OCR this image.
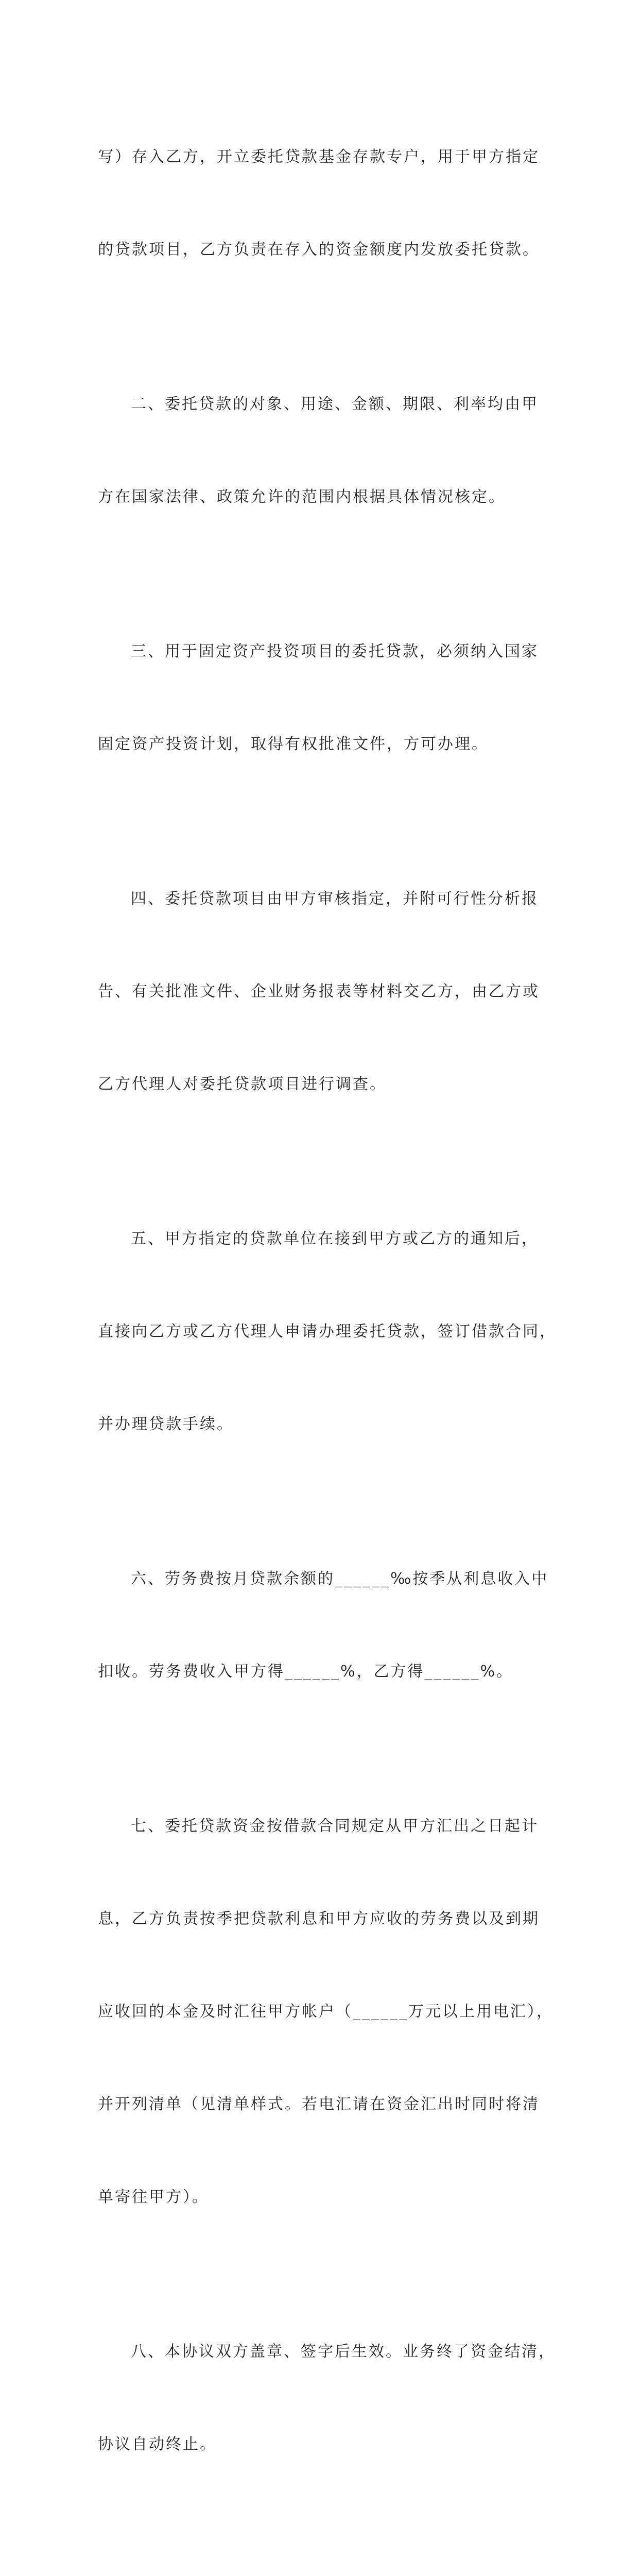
写）存入乙方，开立委托贷款基金存款专户，用于甲方指定

的贷款项目，乙方负责在存入的资金额度内发放委托贷款。

二、委托贷款的对象、用途、金额、期限、利率均由甲

方在国家法律、政策允许的范围内根据具体情况核定。

三、用于固定资产投资项目的委托贷款，必须纳入国家

固定资产投资计划，取得有权批准文件，方可办理。

四、委托贷款项目由甲方审核指定，并附可行性分析报

告、有关批准文件、企业财务报表等材料交乙方，由乙方或

乙方代理人对委托贷款项目进行调查。

五、甲方指定的贷款单位在接到甲方或乙方的通知后，

直接向乙方或乙方代理人申请办理委托贷款，签订借款合同，

并办理贷款手续。

六、劳务费按月贷款余额的______‰按季从利息收入中

扣收。劳务费收入甲方得______%，乙方得______%。

七、委托贷款资金按借款合同规定从甲方汇出之日起计

息，乙方负责按季把贷款利息和甲方应收的劳务费以及到期

应收回的本金及时汇往甲方帐户（______万元以上用电汇），

并开列清单（见清单样式。若电汇请在资金汇出时同时将清

单寄往甲方）。

八、本协议双方盖章、签字后生效。业务终了资金结清，

协议自动终止。
